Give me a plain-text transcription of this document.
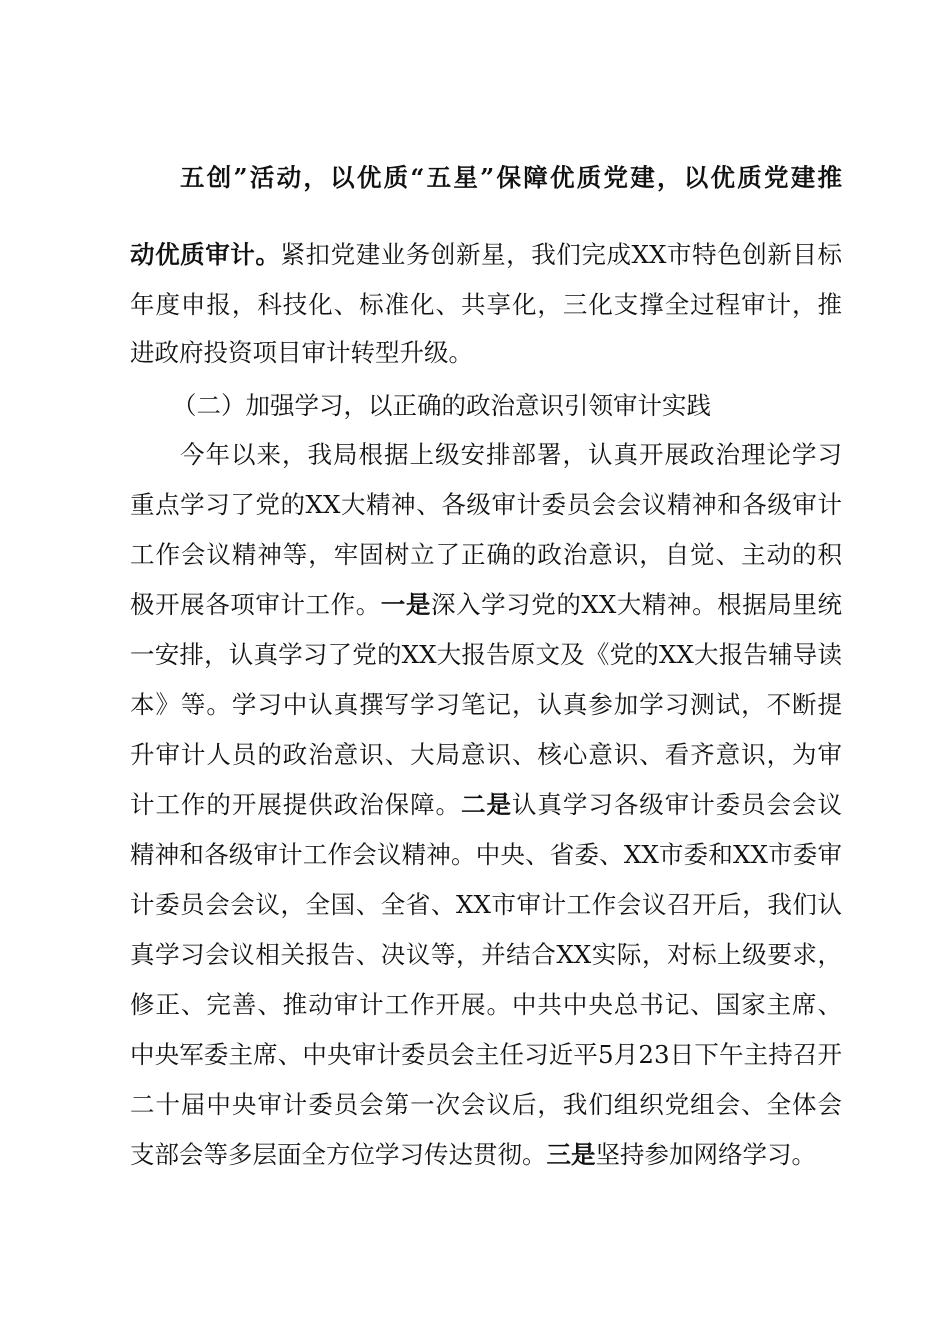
五创”活动，以优质“五星”保障优质党建，以优质党建推
动优质审计。紧扣党建业务创新星，我们完成XX市特色创新目标
年度申报，科技化、标准化、共享化，三化支撑全过程审计，推
进政府投资项目审计转型升级。
（二）加强学习，以正确的政治意识引领审计实践
今年以来，我局根据上级安排部署，认真开展政治理论学习
重点学习了党的XX大精神、各级审计委员会会议精神和各级审计
工作会议精神等，牢固树立了正确的政治意识，自觉、主动的积
极开展各项审计工作。一是深入学习党的XX大精神。根据局里统
一安排，认真学习了党的XX大报告原文及《党的XX大报告辅导读
本》等。学习中认真撰写学习笔记，认真参加学习测试，不断提
升审计人员的政治意识、大局意识、核心意识、看齐意识，为审
计工作的开展提供政治保障。二是认真学习各级审计委员会会议
精神和各级审计工作会议精神。中央、省委、XX市委和XX市委审
计委员会会议，全国、全省、XX市审计工作会议召开后，我们认
真学习会议相关报告、决议等，并结合XX实际，对标上级要求，
修正、完善、推动审计工作开展。中共中央总书记、国家主席、
中央军委主席、中央审计委员会主任习近平5月23日下午主持召开
二十届中央审计委员会第一次会议后，我们组织党组会、全体会
支部会等多层面全方位学习传达贯彻。三是坚持参加网络学习。
